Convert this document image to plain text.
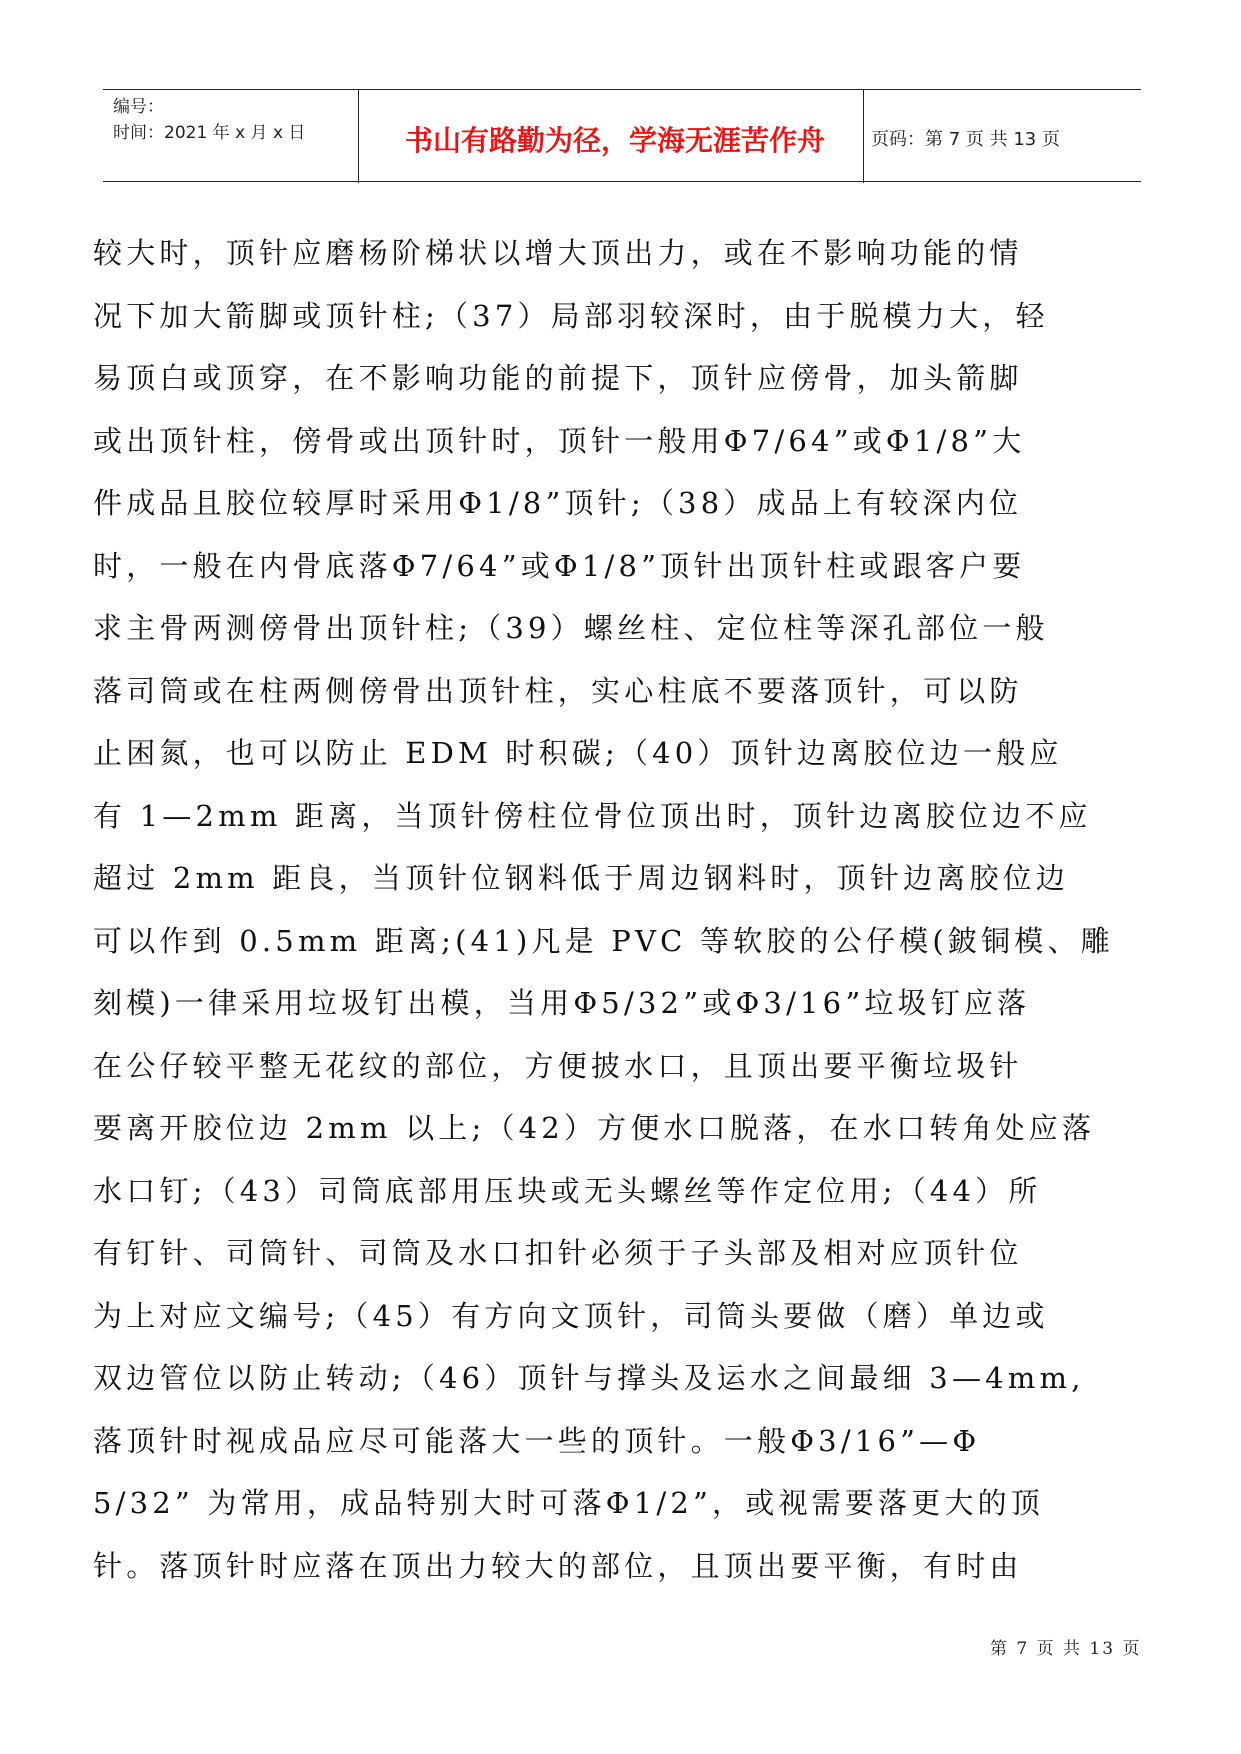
编号：
时间：2021 年 x 月 x 日	书山有路勤为径，学海无涯苦作舟	页码：第 7 页 共 13 页
较大时，顶针应磨杨阶梯状以增大顶出力，或在不影响功能的情
况下加大箭脚或顶针柱;（37）局部羽较深时，由于脱模力大，轻
易顶白或顶穿，在不影响功能的前提下，顶针应傍骨，加头箭脚
或出顶针柱，傍骨或出顶针时，顶针一般用Φ7/64”或Φ1/8”大
件成品且胶位较厚时采用Φ1/8”顶针;（38）成品上有较深内位
时，一般在内骨底落Φ7/64”或Φ1/8”顶针出顶针柱或跟客户要
求主骨两测傍骨出顶针柱;（39）螺丝柱、定位柱等深孔部位一般
落司筒或在柱两侧傍骨出顶针柱，实心柱底不要落顶针，可以防
止困氮，也可以防止 EDM 时积碳;（40）顶针边离胶位边一般应
有 1—2mm 距离，当顶针傍柱位骨位顶出时，顶针边离胶位边不应
超过 2mm 距良，当顶针位钢料低于周边钢料时，顶针边离胶位边
可以作到 0.5mm 距离;(41)凡是 PVC 等软胶的公仔模(鈹铜模、雕
刻模)一律采用垃圾钉出模，当用Φ5/32”或Φ3/16”垃圾钉应落
在公仔较平整无花纹的部位，方便披水口，且顶出要平衡垃圾针
要离开胶位边 2mm 以上;（42）方便水口脱落，在水口转角处应落
水口钉;（43）司筒底部用压块或无头螺丝等作定位用;（44）所
有钉针、司筒针、司筒及水口扣针必须于子头部及相对应顶针位
为上对应文编号;（45）有方向文顶针，司筒头要做（磨）单边或
双边管位以防止转动;（46）顶针与撑头及运水之间最细 3—4mm,
落顶针时视成品应尽可能落大一些的顶针。一般Φ3/16”—Φ
5/32” 为常用，成品特别大时可落Φ1/2”，或视需要落更大的顶
针。落顶针时应落在顶出力较大的部位，且顶出要平衡，有时由
第 7 页 共 13 页
